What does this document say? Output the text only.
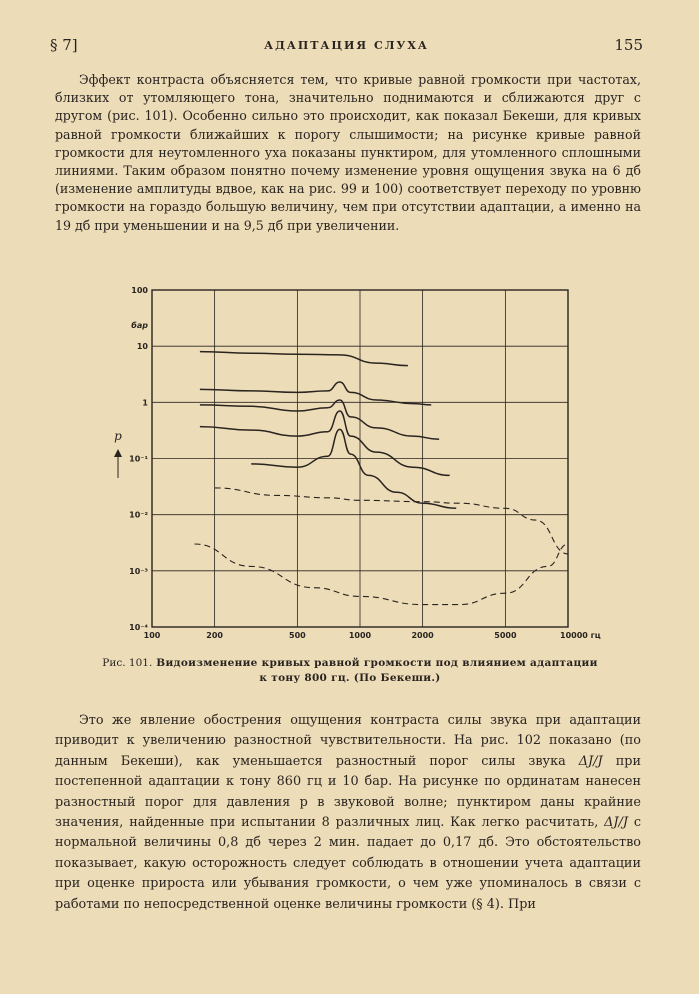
§ 7]	АДАПТАЦИЯ СЛУХА	155

Эффект контраста объясняется тем, что кривые равной громкости при частотах, близких от утомляющего тона, значительно поднимаются и сближаются друг с другом (рис. 101). Особенно сильно это происходит, как показал Бекеши, для кривых равной громкости ближайших к порогу слышимости; на рисунке кривые равной громкости для неутомленного уха показаны пунктиром, для утомленного сплошными линиями. Таким образом понятно почему изменение уровня ощущения звука на 6 дб (изменение амплитуды вдвое, как на рис. 99 и 100) соответствует переходу по уровню громкости на гораздо большую величину, чем при отсутствии адаптации, а именно на 19 дб при уменьшении и на 9,5 дб при увеличении.

100	200	500	1000	2000	5000	10000 гц
100
10
1
10⁻¹
10⁻²
10⁻³
10⁻⁴
бар
p
Рис. 101. Видоизменение кривых равной громкости под влиянием адаптации к тону 800 гц. (По Бекеши.)

Это же явление обострения ощущения контраста силы звука при адаптации приводит к увеличению разностной чувствительности. На рис. 102 показано (по данным Бекеши), как уменьшается разностный порог силы звука ΔJ/J при постепенной адаптации к тону 860 гц и 10 бар. На рисунке по ординатам нанесен разностный порог для давления p в звуковой волне; пунктиром даны крайние значения, найденные при испытании 8 различных лиц. Как легко расчитать, ΔJ/J с нормальной величины 0,8 дб через 2 мин. падает до 0,17 дб. Это обстоятельство показывает, какую осторожность следует соблюдать в отношении учета адаптации при оценке прироста или убывания громкости, о чем уже упоминалось в связи с работами по непосредственной оценке величины громкости (§ 4). При
